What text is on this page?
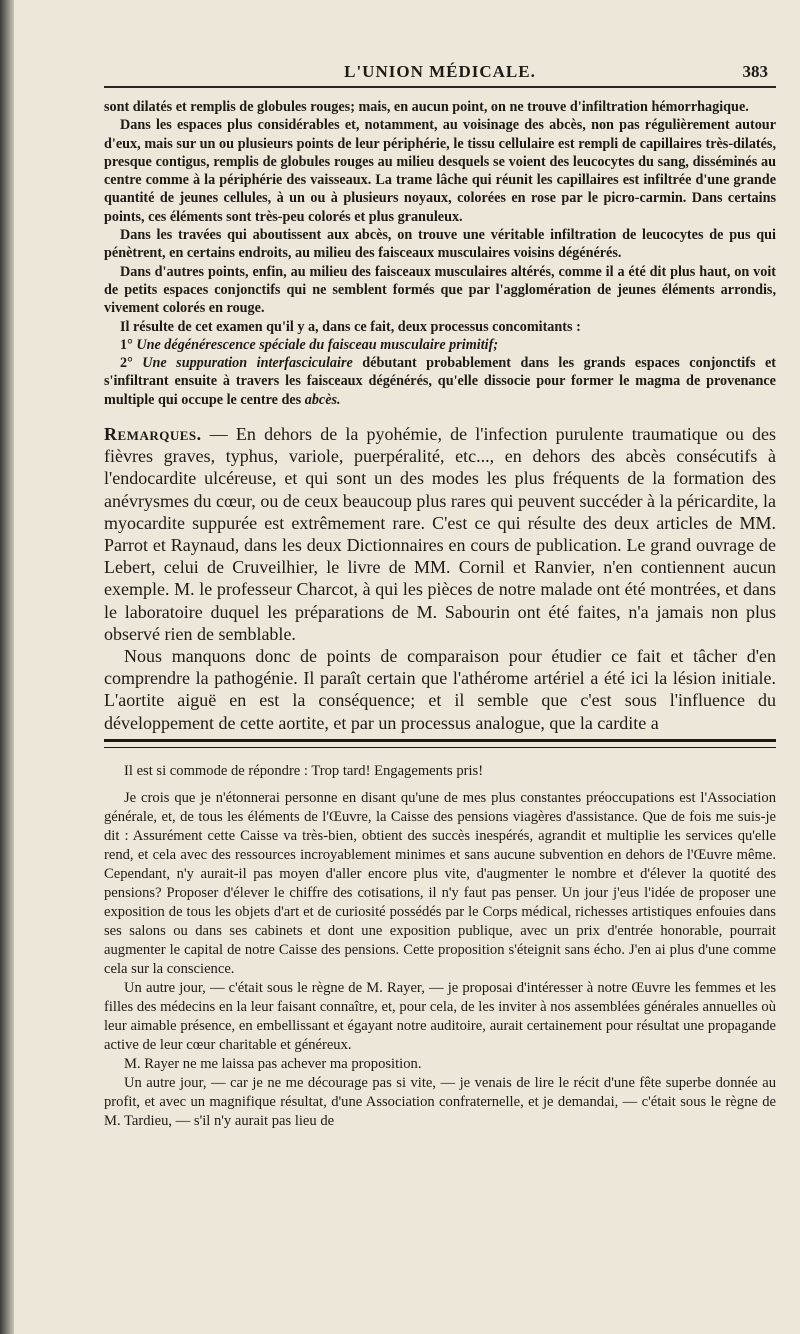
L'UNION MÉDICALE.	383

sont dilatés et remplis de globules rouges; mais, en aucun point, on ne trouve d'infiltration hémorrhagique.

Dans les espaces plus considérables et, notamment, au voisinage des abcès, non pas régulièrement autour d'eux, mais sur un ou plusieurs points de leur périphérie, le tissu cellulaire est rempli de capillaires très-dilatés, presque contigus, remplis de globules rouges au milieu desquels se voient des leucocytes du sang, disséminés au centre comme à la périphérie des vaisseaux. La trame lâche qui réunit les capillaires est infiltrée d'une grande quantité de jeunes cellules, à un ou à plusieurs noyaux, colorées en rose par le picro-carmin. Dans certains points, ces éléments sont très-peu colorés et plus granuleux.

Dans les travées qui aboutissent aux abcès, on trouve une véritable infiltration de leucocytes de pus qui pénètrent, en certains endroits, au milieu des faisceaux musculaires voisins dégénérés.

Dans d'autres points, enfin, au milieu des faisceaux musculaires altérés, comme il a été dit plus haut, on voit de petits espaces conjonctifs qui ne semblent formés que par l'agglomération de jeunes éléments arrondis, vivement colorés en rouge.

Il résulte de cet examen qu'il y a, dans ce fait, deux processus concomitants :

1° Une dégénérescence spéciale du faisceau musculaire primitif;

2° Une suppuration interfasciculaire débutant probablement dans les grands espaces conjonctifs et s'infiltrant ensuite à travers les faisceaux dégénérés, qu'elle dissocie pour former le magma de provenance multiple qui occupe le centre des abcès.

Remarques. — En dehors de la pyohémie, de l'infection purulente traumatique ou des fièvres graves, typhus, variole, puerpéralité, etc..., en dehors des abcès consécutifs à l'endocardite ulcéreuse, et qui sont un des modes les plus fréquents de la formation des anévrysmes du cœur, ou de ceux beaucoup plus rares qui peuvent succéder à la péricardite, la myocardite suppurée est extrêmement rare. C'est ce qui résulte des deux articles de MM. Parrot et Raynaud, dans les deux Dictionnaires en cours de publication. Le grand ouvrage de Lebert, celui de Cruveilhier, le livre de MM. Cornil et Ranvier, n'en contiennent aucun exemple. M. le professeur Charcot, à qui les pièces de notre malade ont été montrées, et dans le laboratoire duquel les préparations de M. Sabourin ont été faites, n'a jamais non plus observé rien de semblable.

Nous manquons donc de points de comparaison pour étudier ce fait et tâcher d'en comprendre la pathogénie. Il paraît certain que l'athérome artériel a été ici la lésion initiale. L'aortite aiguë en est la conséquence; et il semble que c'est sous l'influence du développement de cette aortite, et par un processus analogue, que la cardite a

Il est si commode de répondre : Trop tard! Engagements pris!

Je crois que je n'étonnerai personne en disant qu'une de mes plus constantes préoccupations est l'Association générale, et, de tous les éléments de l'Œuvre, la Caisse des pensions viagères d'assistance. Que de fois me suis-je dit : Assurément cette Caisse va très-bien, obtient des succès inespérés, agrandit et multiplie les services qu'elle rend, et cela avec des ressources incroyablement minimes et sans aucune subvention en dehors de l'Œuvre même. Cependant, n'y aurait-il pas moyen d'aller encore plus vite, d'augmenter le nombre et d'élever la quotité des pensions? Proposer d'élever le chiffre des cotisations, il n'y faut pas penser. Un jour j'eus l'idée de proposer une exposition de tous les objets d'art et de curiosité possédés par le Corps médical, richesses artistiques enfouies dans ses salons ou dans ses cabinets et dont une exposition publique, avec un prix d'entrée honorable, pourrait augmenter le capital de notre Caisse des pensions. Cette proposition s'éteignit sans écho. J'en ai plus d'une comme cela sur la conscience.

Un autre jour, — c'était sous le règne de M. Rayer, — je proposai d'intéresser à notre Œuvre les femmes et les filles des médecins en la leur faisant connaître, et, pour cela, de les inviter à nos assemblées générales annuelles où leur aimable présence, en embellissant et égayant notre auditoire, aurait certainement pour résultat une propagande active de leur cœur charitable et généreux.

M. Rayer ne me laissa pas achever ma proposition.

Un autre jour, — car je ne me décourage pas si vite, — je venais de lire le récit d'une fête superbe donnée au profit, et avec un magnifique résultat, d'une Association confraternelle, et je demandai, — c'était sous le règne de M. Tardieu, — s'il n'y aurait pas lieu de
